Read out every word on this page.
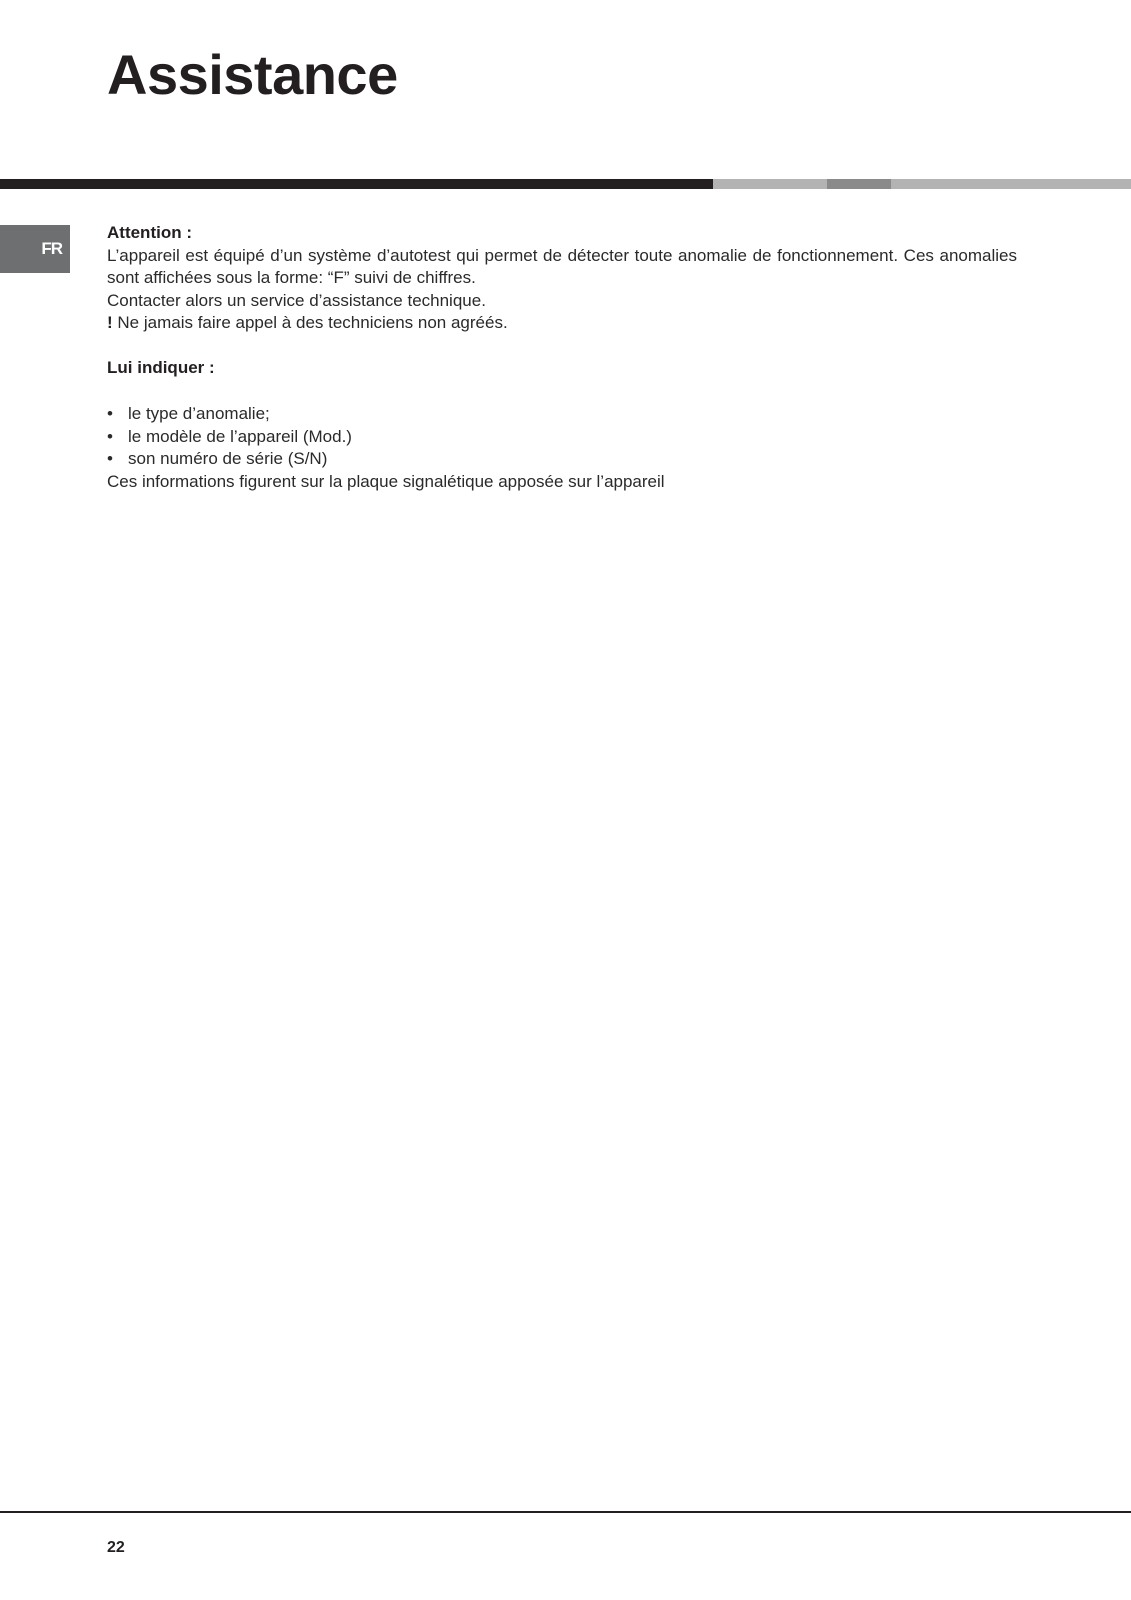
Assistance
FR

Attention :

L’appareil est équipé d’un système d’autotest qui permet de détecter toute anomalie de fonctionnement. Ces anomalies sont affichées sous la forme: “F” suivi de chiffres.

Contacter alors un service d’assistance technique.

! Ne jamais faire appel à des techniciens non agréés.

Lui indiquer :

• le type d’anomalie;
• le modèle de l’appareil (Mod.)
• son numéro de série (S/N)

Ces informations figurent sur la plaque signalétique apposée sur l’appareil

22
